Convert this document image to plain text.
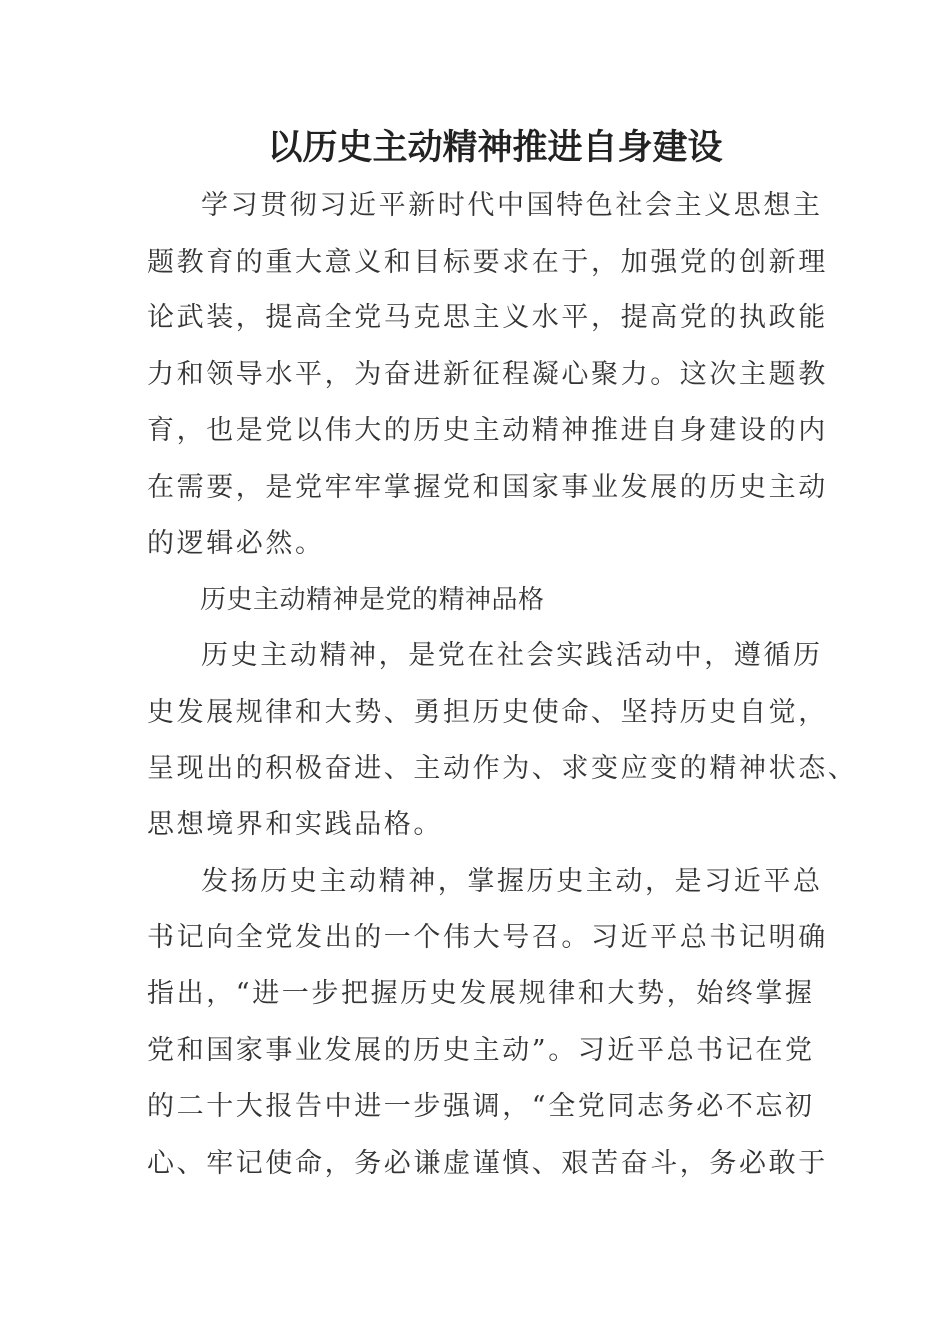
以历史主动精神推进自身建设
学习贯彻习近平新时代中国特色社会主义思想主
题教育的重大意义和目标要求在于，加强党的创新理
论武装，提高全党马克思主义水平，提高党的执政能
力和领导水平，为奋进新征程凝心聚力。这次主题教
育，也是党以伟大的历史主动精神推进自身建设的内
在需要，是党牢牢掌握党和国家事业发展的历史主动
的逻辑必然。
历史主动精神是党的精神品格
历史主动精神，是党在社会实践活动中，遵循历
史发展规律和大势、勇担历史使命、坚持历史自觉，
呈现出的积极奋进、主动作为、求变应变的精神状态、
思想境界和实践品格。
发扬历史主动精神，掌握历史主动，是习近平总
书记向全党发出的一个伟大号召。习近平总书记明确
指出，“进一步把握历史发展规律和大势，始终掌握
党和国家事业发展的历史主动”。习近平总书记在党
的二十大报告中进一步强调，“全党同志务必不忘初
心、牢记使命，务必谦虚谨慎、艰苦奋斗，务必敢于
